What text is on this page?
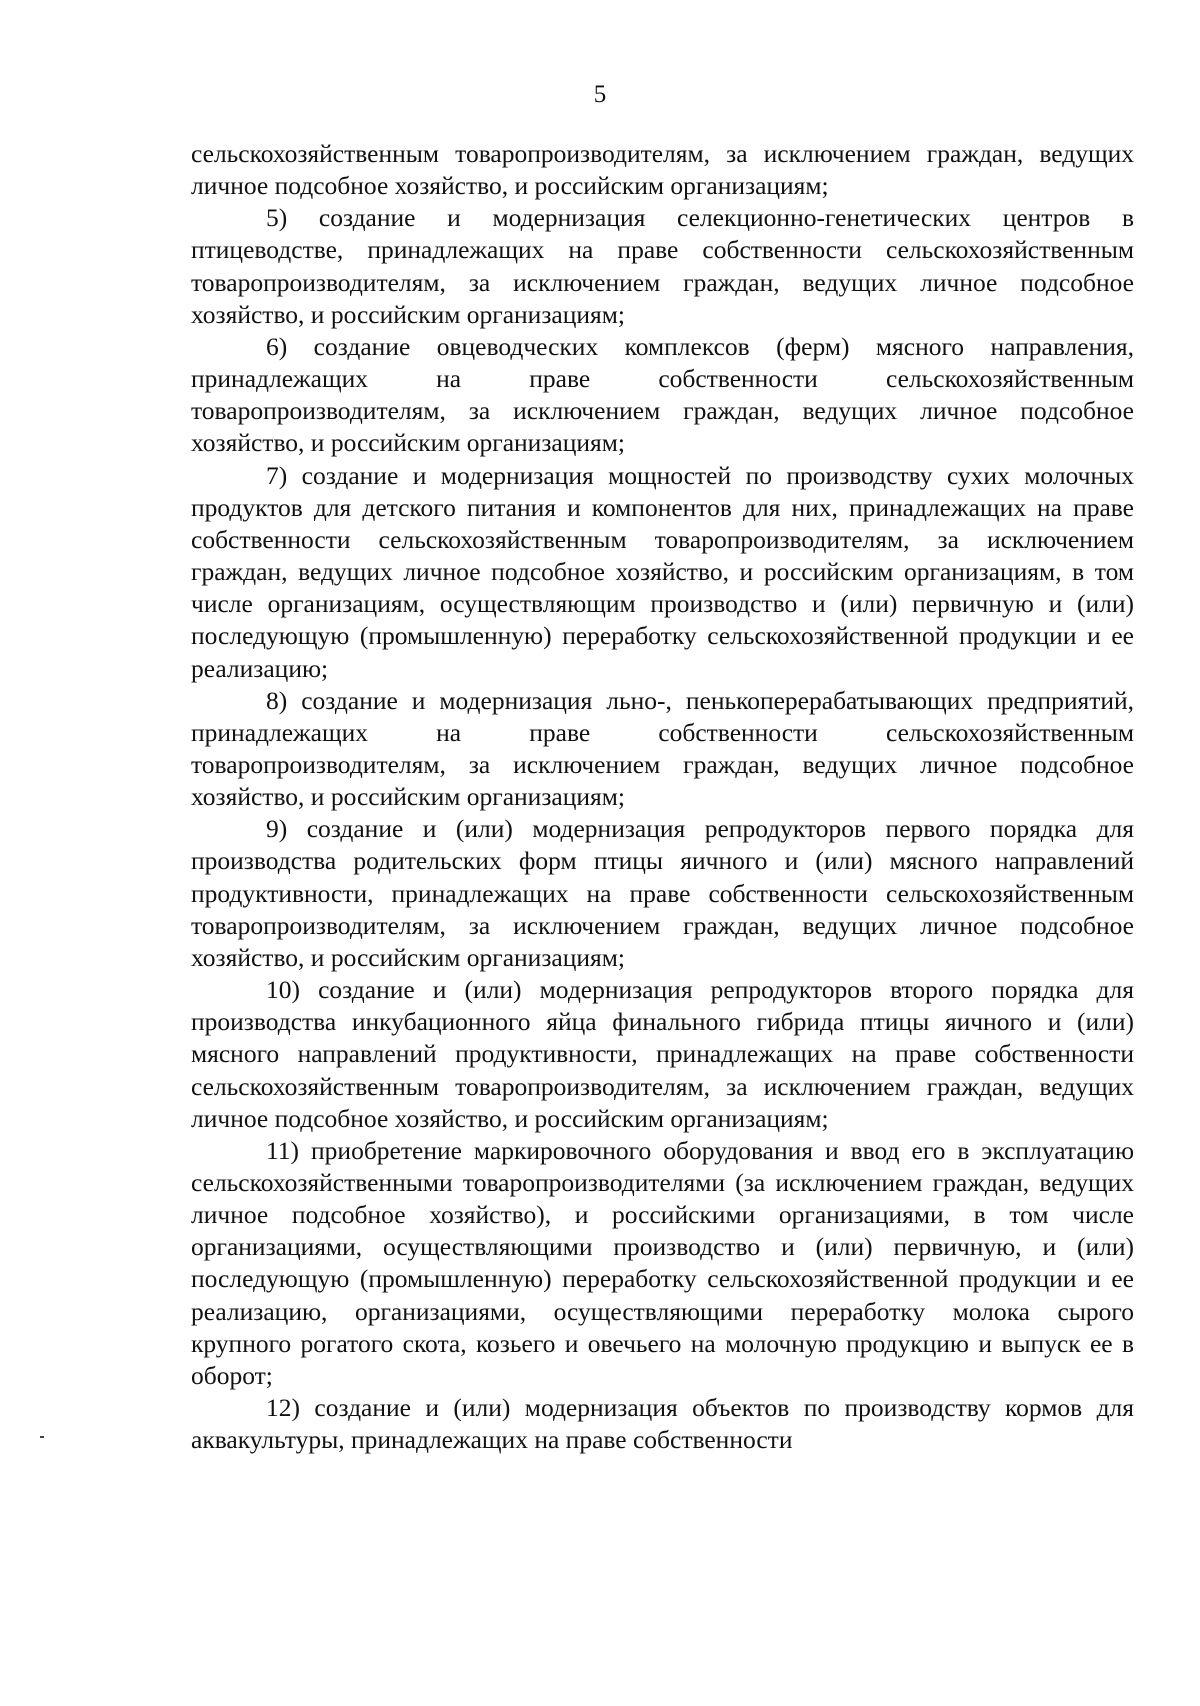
5

сельскохозяйственным товаропроизводителям, за исключением граждан, ведущих личное подсобное хозяйство, и российским организациям;

5) создание и модернизация селекционно-генетических центров в птицеводстве, принадлежащих на праве собственности сельскохозяйственным товаропроизводителям, за исключением граждан, ведущих личное подсобное хозяйство, и российским организациям;

6) создание овцеводческих комплексов (ферм) мясного направления, принадлежащих на праве собственности сельскохозяйственным товаропроизводителям, за исключением граждан, ведущих личное подсобное хозяйство, и российским организациям;

7) создание и модернизация мощностей по производству сухих молочных продуктов для детского питания и компонентов для них, принадлежащих на праве собственности сельскохозяйственным товаропроизводителям, за исключением граждан, ведущих личное подсобное хозяйство, и российским организациям, в том числе организациям, осуществляющим производство и (или) первичную и (или) последующую (промышленную) переработку сельскохозяйственной продукции и ее реализацию;

8) создание и модернизация льно-, пенькоперерабатывающих предприятий, принадлежащих на праве собственности сельскохозяйственным товаропроизводителям, за исключением граждан, ведущих личное подсобное хозяйство, и российским организациям;

9) создание и (или) модернизация репродукторов первого порядка для производства родительских форм птицы яичного и (или) мясного направлений продуктивности, принадлежащих на праве собственности сельскохозяйственным товаропроизводителям, за исключением граждан, ведущих личное подсобное хозяйство, и российским организациям;

10) создание и (или) модернизация репродукторов второго порядка для производства инкубационного яйца финального гибрида птицы яичного и (или) мясного направлений продуктивности, принадлежащих на праве собственности сельскохозяйственным товаропроизводителям, за исключением граждан, ведущих личное подсобное хозяйство, и российским организациям;

11) приобретение маркировочного оборудования и ввод его в эксплуатацию сельскохозяйственными товаропроизводителями (за исключением граждан, ведущих личное подсобное хозяйство), и российскими организациями, в том числе организациями, осуществляющими производство и (или) первичную, и (или) последующую (промышленную) переработку сельскохозяйственной продукции и ее реализацию, организациями, осуществляющими переработку молока сырого крупного рогатого скота, козьего и овечьего на молочную продукцию и выпуск ее в оборот;

12) создание и (или) модернизация объектов по производству кормов для аквакультуры, принадлежащих на праве собственности
